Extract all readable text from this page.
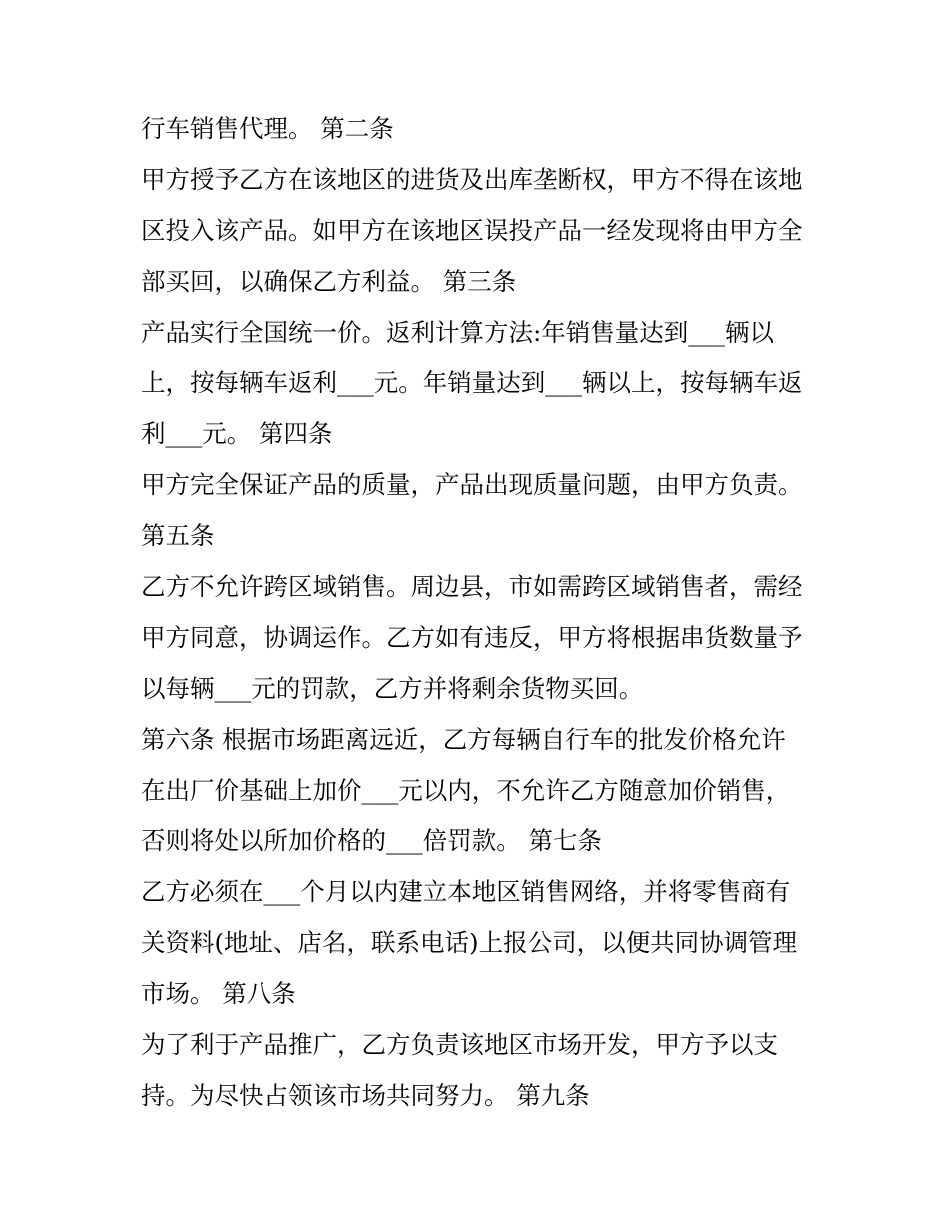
行车销售代理。 第二条
甲方授予乙方在该地区的进货及出库垄断权，甲方不得在该地
区投入该产品。如甲方在该地区误投产品一经发现将由甲方全
部买回，以确保乙方利益。 第三条
产品实行全国统一价。返利计算方法:年销售量达到___辆以
上，按每辆车返利___元。年销量达到___辆以上，按每辆车返
利___元。 第四条
甲方完全保证产品的质量，产品出现质量问题，由甲方负责。
第五条
乙方不允许跨区域销售。周边县，市如需跨区域销售者，需经
甲方同意，协调运作。乙方如有违反，甲方将根据串货数量予
以每辆___元的罚款，乙方并将剩余货物买回。
第六条 根据市场距离远近，乙方每辆自行车的批发价格允许
在出厂价基础上加价___元以内，不允许乙方随意加价销售，
否则将处以所加价格的___倍罚款。 第七条
乙方必须在___个月以内建立本地区销售网络，并将零售商有
关资料(地址、店名，联系电话)上报公司，以便共同协调管理
市场。 第八条
为了利于产品推广，乙方负责该地区市场开发，甲方予以支
持。为尽快占领该市场共同努力。 第九条
